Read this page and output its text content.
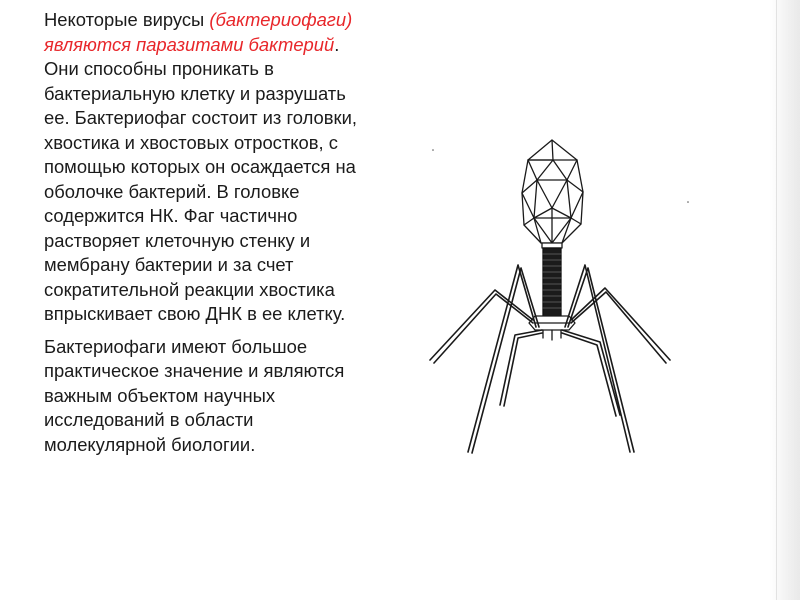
Некоторые вирусы (бактериофаги) являются паразитами бактерий. Они способны проникать в бактериальную клетку и разрушать ее. Бактериофаг состоит из головки, хвостика и хвостовых отростков, с помощью которых он осаждается на оболочке бактерий. В головке содержится НК. Фаг частично растворяет клеточную стенку и мембрану бактерии и за счет сократительной реакции хвостика впрыскивает свою ДНК в ее клетку.

Бактериофаги имеют большое практическое значение и являются важным объектом научных исследований в области молекулярной биологии.
